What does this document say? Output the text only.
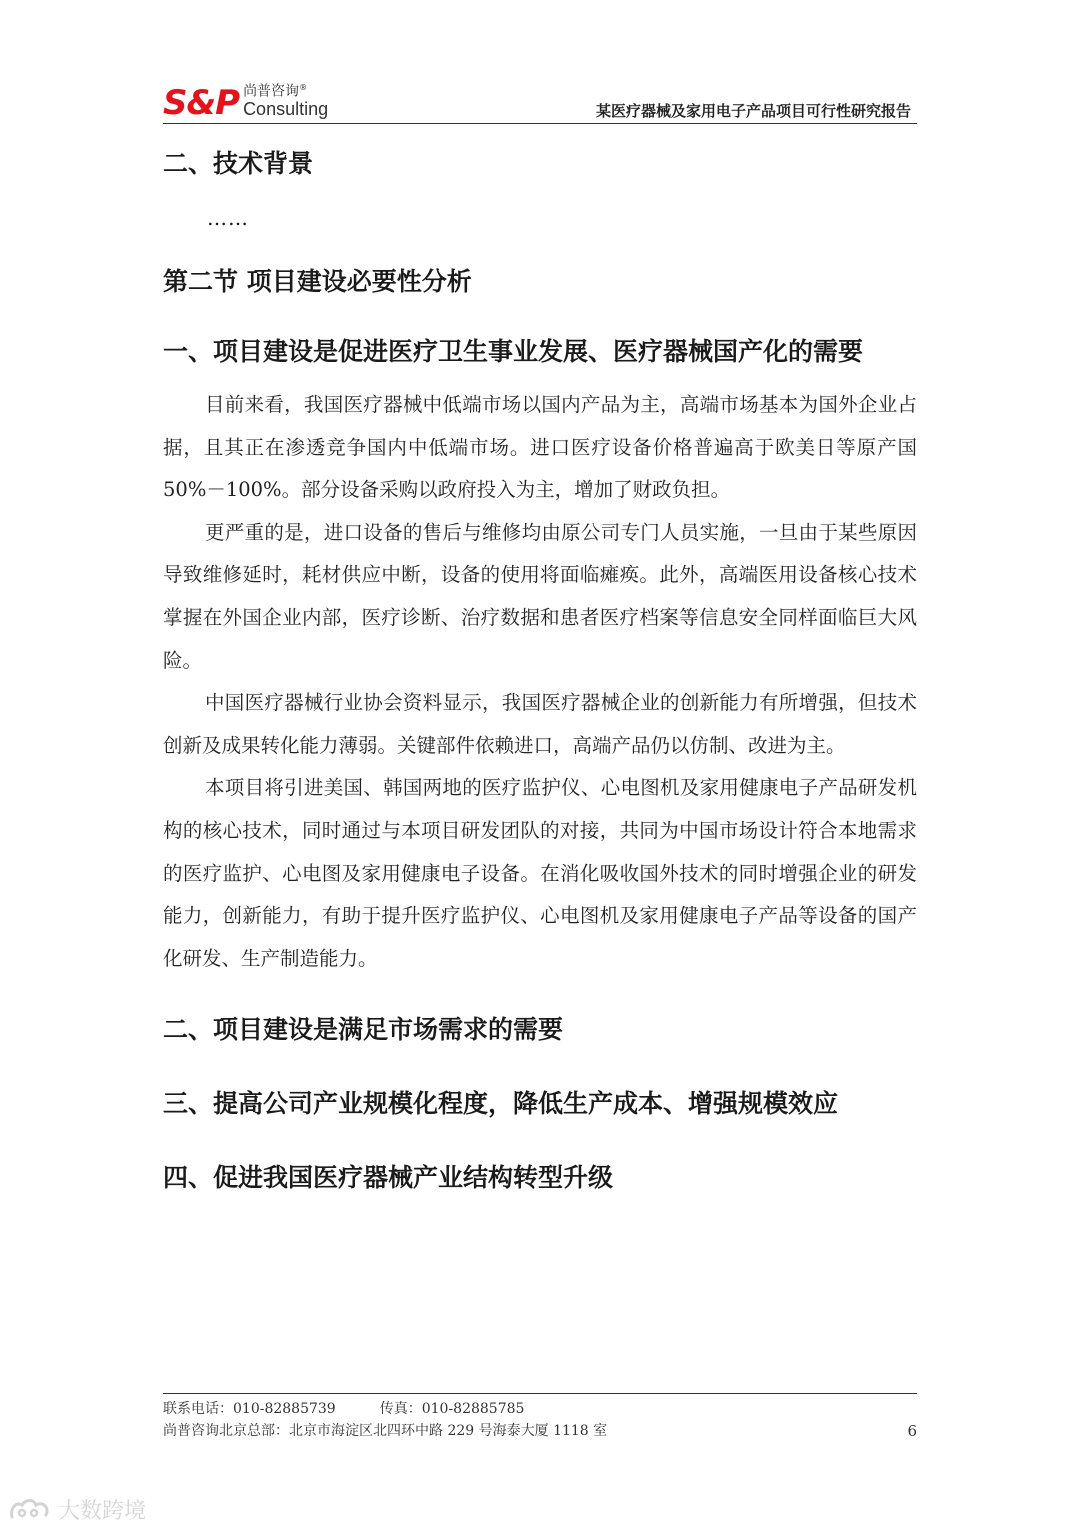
S&P 尚普咨询®
Consulting	某医疗器械及家用电子产品项目可行性研究报告
二、技术背景

……

第二节 项目建设必要性分析
一、项目建设是促进医疗卫生事业发展、医疗器械国产化的需要

目前来看，我国医疗器械中低端市场以国内产品为主，高端市场基本为国外企业占据，且其正在渗透竞争国内中低端市场。进口医疗设备价格普遍高于欧美日等原产国 50%－100%。部分设备采购以政府投入为主，增加了财政负担。

更严重的是，进口设备的售后与维修均由原公司专门人员实施，一旦由于某些原因导致维修延时，耗材供应中断，设备的使用将面临瘫痪。此外，高端医用设备核心技术掌握在外国企业内部，医疗诊断、治疗数据和患者医疗档案等信息安全同样面临巨大风险。

中国医疗器械行业协会资料显示，我国医疗器械企业的创新能力有所增强，但技术创新及成果转化能力薄弱。关键部件依赖进口，高端产品仍以仿制、改进为主。

本项目将引进美国、韩国两地的医疗监护仪、心电图机及家用健康电子产品研发机构的核心技术，同时通过与本项目研发团队的对接，共同为中国市场设计符合本地需求的医疗监护、心电图及家用健康电子设备。在消化吸收国外技术的同时增强企业的研发能力，创新能力，有助于提升医疗监护仪、心电图机及家用健康电子产品等设备的国产化研发、生产制造能力。

二、项目建设是满足市场需求的需要
三、提高公司产业规模化程度，降低生产成本、增强规模效应
四、促进我国医疗器械产业结构转型升级
联系电话：010-82885739	传真：010-82885785
尚普咨询北京总部：北京市海淀区北四环中路 229 号海泰大厦 1118 室	6
大数跨境
